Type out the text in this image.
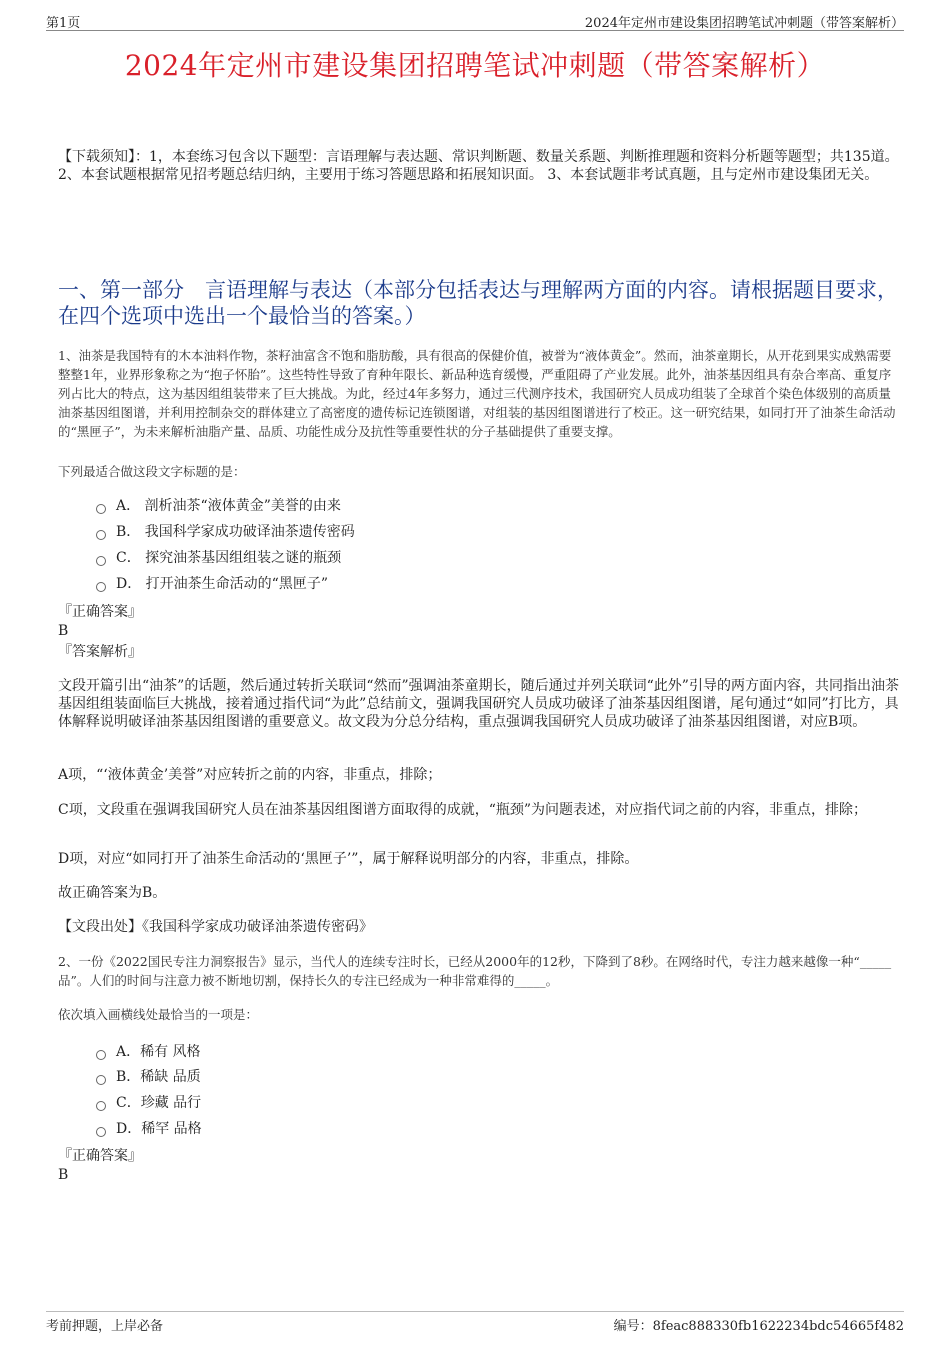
第1页	2024年定州市建设集团招聘笔试冲刺题（带答案解析）
2024年定州市建设集团招聘笔试冲刺题（带答案解析）
【下载须知】：1，本套练习包含以下题型：言语理解与表达题、常识判断题、数量关系题、判断推理题和资料分析题等题型；共135道。 2、本套试题根据常见招考题总结归纳，主要用于练习答题思路和拓展知识面。 3、本套试题非考试真题，且与定州市建设集团无关。
一、第一部分　言语理解与表达（本部分包括表达与理解两方面的内容。请根据题目要求，在四个选项中选出一个最恰当的答案。）
1、油茶是我国特有的木本油料作物，茶籽油富含不饱和脂肪酸，具有很高的保健价值，被誉为“液体黄金”。然而，油茶童期长，从开花到果实成熟需要整整1年，业界形象称之为“抱子怀胎”。这些特性导致了育种年限长、新品种选育缓慢，严重阻碍了产业发展。此外，油茶基因组具有杂合率高、重复序列占比大的特点，这为基因组组装带来了巨大挑战。为此，经过4年多努力，通过三代测序技术，我国研究人员成功组装了全球首个染色体级别的高质量油茶基因组图谱，并利用控制杂交的群体建立了高密度的遗传标记连锁图谱，对组装的基因组图谱进行了校正。这一研究结果，如同打开了油茶生命活动的“黑匣子”，为未来解析油脂产量、品质、功能性成分及抗性等重要性状的分子基础提供了重要支撑。
下列最适合做这段文字标题的是：
A． 剖析油茶“液体黄金”美誉的由来
B． 我国科学家成功破译油茶遗传密码
C． 探究油茶基因组组装之谜的瓶颈
D． 打开油茶生命活动的“黑匣子”
『正确答案』
B
『答案解析』
文段开篇引出“油茶”的话题，然后通过转折关联词“然而”强调油茶童期长，随后通过并列关联词“此外”引导的两方面内容，共同指出油茶基因组组装面临巨大挑战，接着通过指代词“为此”总结前文，强调我国研究人员成功破译了油茶基因组图谱，尾句通过“如同”打比方，具体解释说明破译油茶基因组图谱的重要意义。故文段为分总分结构，重点强调我国研究人员成功破译了油茶基因组图谱，对应B项。
A项，“‘液体黄金’美誉”对应转折之前的内容，非重点，排除；
C项，文段重在强调我国研究人员在油茶基因组图谱方面取得的成就，“瓶颈”为问题表述，对应指代词之前的内容，非重点，排除；
D项，对应“如同打开了油茶生命活动的‘黑匣子’”，属于解释说明部分的内容，非重点，排除。
故正确答案为B。
【文段出处】《我国科学家成功破译油茶遗传密码》
2、一份《2022国民专注力洞察报告》显示，当代人的连续专注时长，已经从2000年的12秒，下降到了8秒。在网络时代，专注力越来越像一种“_____品”。人们的时间与注意力被不断地切割，保持长久的专注已经成为一种非常难得的_____。
依次填入画横线处最恰当的一项是：
A．稀有 风格
B．稀缺 品质
C．珍藏 品行
D．稀罕 品格
『正确答案』
B
考前押题，上岸必备	编号：8feac888330fb1622234bdc54665f482
